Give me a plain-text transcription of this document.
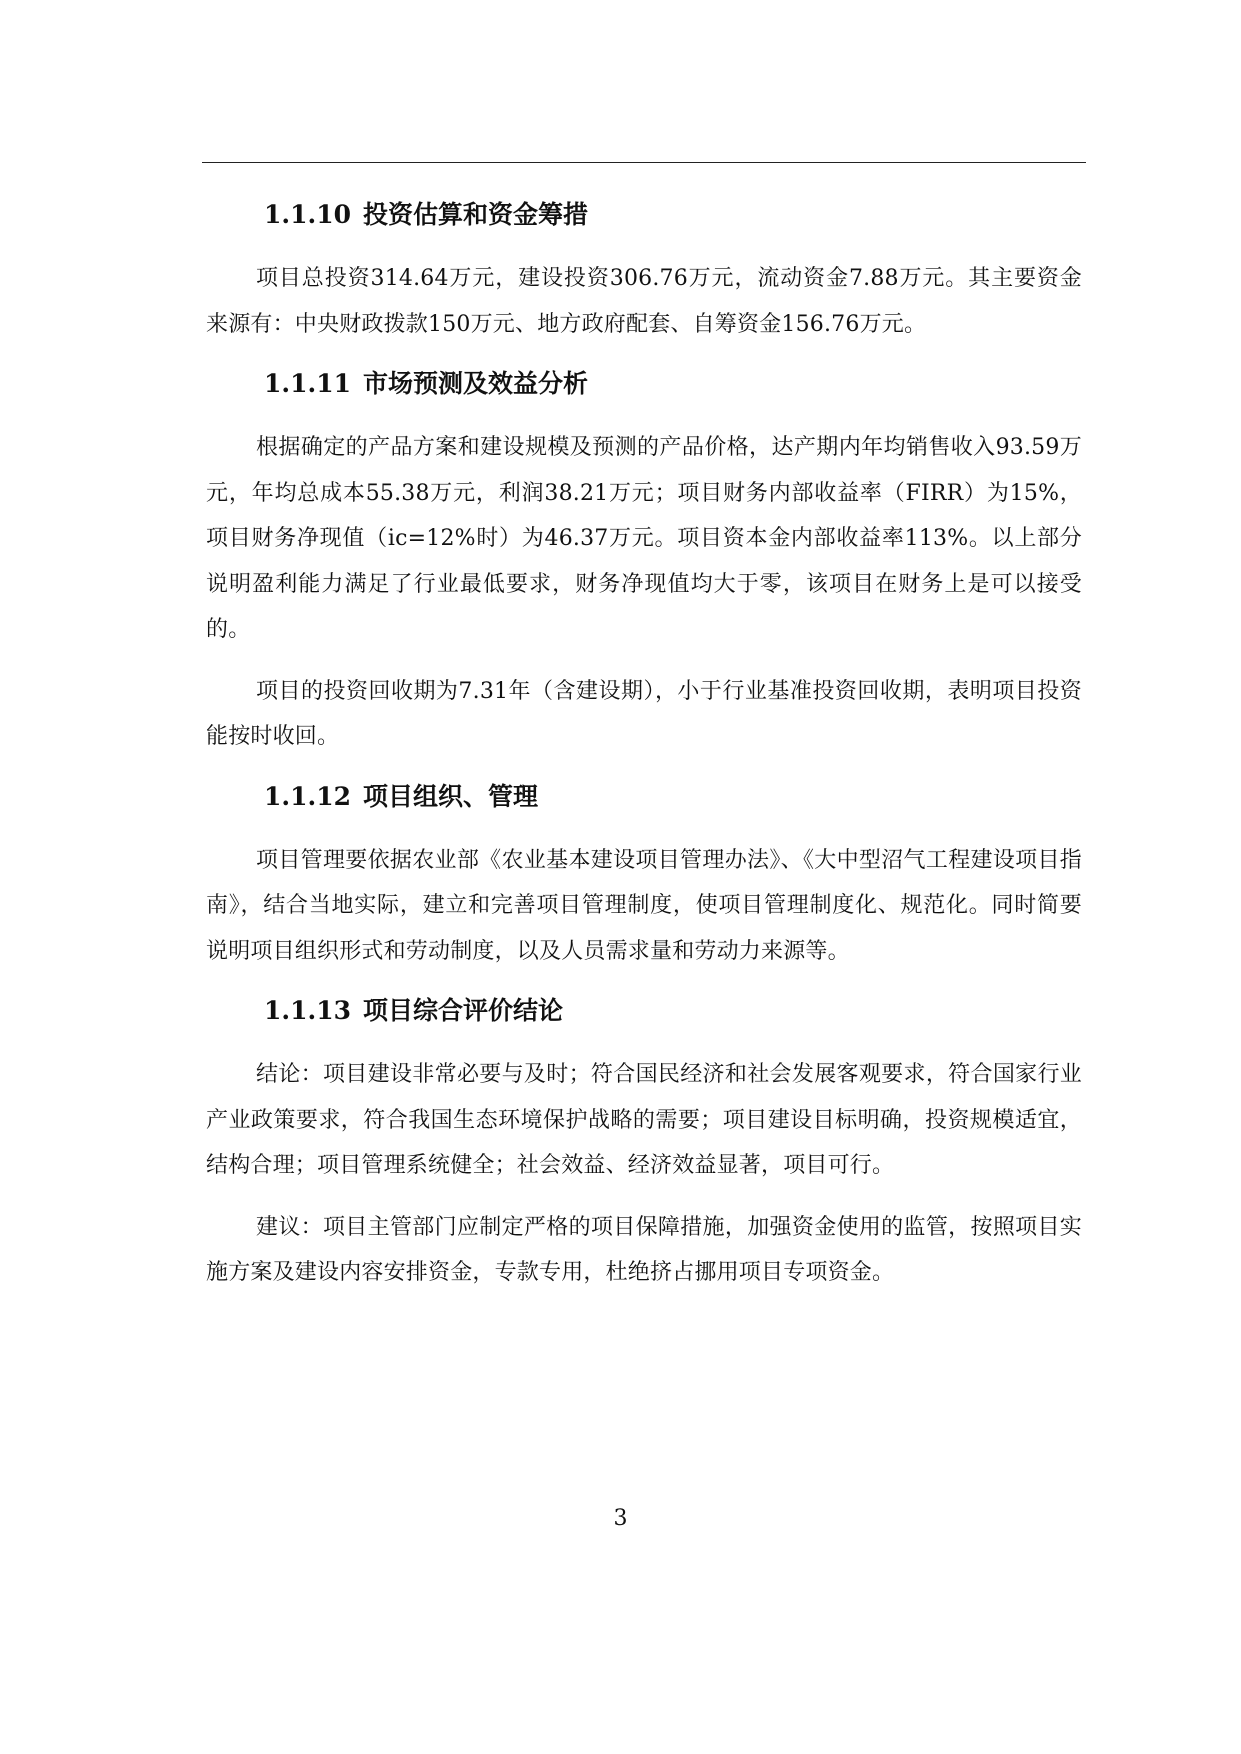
1.1.10 投资估算和资金筹措

项目总投资314.64万元，建设投资306.76万元，流动资金7.88万元。其主要资金来源有：中央财政拨款150万元、地方政府配套、自筹资金156.76万元。

1.1.11 市场预测及效益分析

根据确定的产品方案和建设规模及预测的产品价格，达产期内年均销售收入93.59万元，年均总成本55.38万元，利润38.21万元；项目财务内部收益率（FIRR）为15%，项目财务净现值（ic=12%时）为46.37万元。项目资本金内部收益率113%。以上部分说明盈利能力满足了行业最低要求，财务净现值均大于零，该项目在财务上是可以接受的。

项目的投资回收期为7.31年（含建设期），小于行业基准投资回收期，表明项目投资能按时收回。

1.1.12 项目组织、管理

项目管理要依据农业部《农业基本建设项目管理办法》、《大中型沼气工程建设项目指南》，结合当地实际，建立和完善项目管理制度，使项目管理制度化、规范化。同时简要说明项目组织形式和劳动制度，以及人员需求量和劳动力来源等。

1.1.13 项目综合评价结论

结论：项目建设非常必要与及时；符合国民经济和社会发展客观要求，符合国家行业产业政策要求，符合我国生态环境保护战略的需要；项目建设目标明确，投资规模适宜，结构合理；项目管理系统健全；社会效益、经济效益显著，项目可行。

建议：项目主管部门应制定严格的项目保障措施，加强资金使用的监管，按照项目实施方案及建设内容安排资金，专款专用，杜绝挤占挪用项目专项资金。

3
